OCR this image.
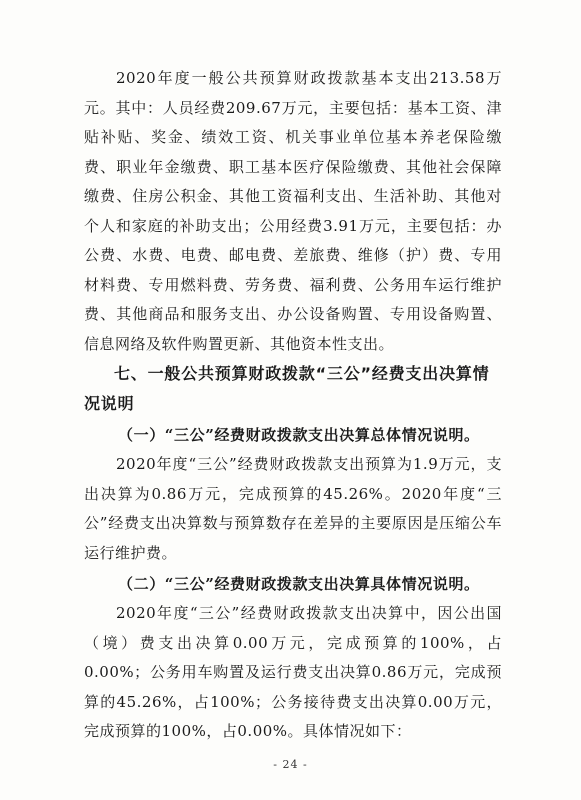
2020年度一般公共预算财政拨款基本支出213.58万元。其中：人员经费209.67万元，主要包括：基本工资、津贴补贴、奖金、绩效工资、机关事业单位基本养老保险缴费、职业年金缴费、职工基本医疗保险缴费、其他社会保障缴费、住房公积金、其他工资福利支出、生活补助、其他对个人和家庭的补助支出；公用经费3.91万元，主要包括：办公费、水费、电费、邮电费、差旅费、维修（护）费、专用材料费、专用燃料费、劳务费、福利费、公务用车运行维护费、其他商品和服务支出、办公设备购置、专用设备购置、信息网络及软件购置更新、其他资本性支出。

七、一般公共预算财政拨款“三公”经费支出决算情况说明

（一）“三公”经费财政拨款支出决算总体情况说明。

2020年度“三公”经费财政拨款支出预算为1.9万元，支出决算为0.86万元，完成预算的45.26%。2020年度“三公”经费支出决算数与预算数存在差异的主要原因是压缩公车运行维护费。

（二）“三公”经费财政拨款支出决算具体情况说明。

2020年度“三公”经费财政拨款支出决算中，因公出国（境）费支出决算0.00万元，完成预算的100%，占0.00%；公务用车购置及运行费支出决算0.86万元，完成预算的45.26%，占100%；公务接待费支出决算0.00万元，完成预算的100%，占0.00%。具体情况如下：

- 24 -
